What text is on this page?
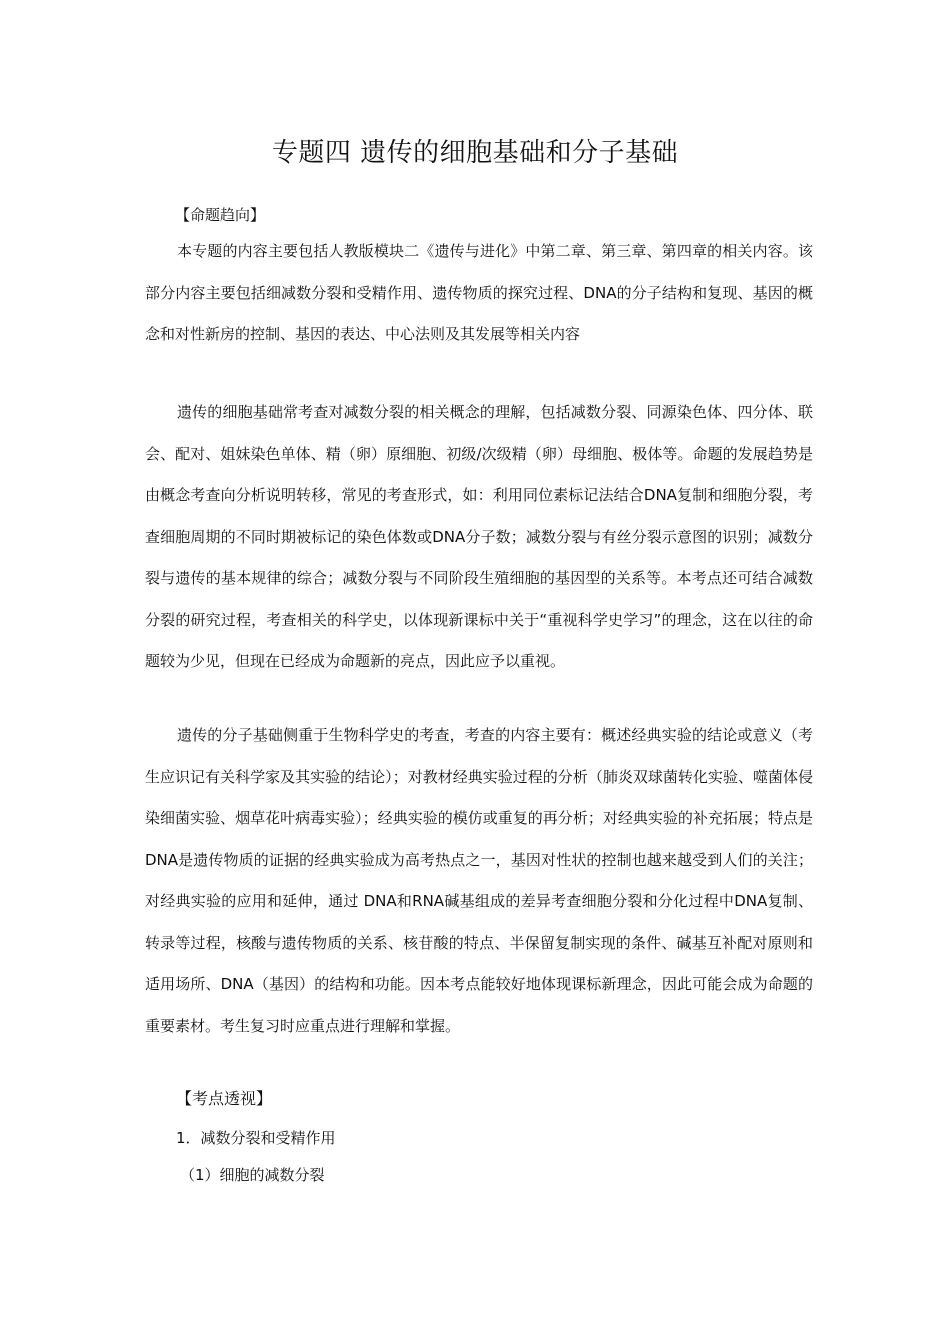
专题四 遗传的细胞基础和分子基础
【命题趋向】
本专题的内容主要包括人教版模块二《遗传与进化》中第二章、第三章、第四章的相关内容。该部分内容主要包括细减数分裂和受精作用、遗传物质的探究过程、DNA的分子结构和复现、基因的概念和对性新房的控制、基因的表达、中心法则及其发展等相关内容
遗传的细胞基础常考查对减数分裂的相关概念的理解，包括减数分裂、同源染色体、四分体、联会、配对、姐妹染色单体、精（卵）原细胞、初级/次级精（卵）母细胞、极体等。命题的发展趋势是由概念考查向分析说明转移，常见的考查形式，如：利用同位素标记法结合DNA复制和细胞分裂，考查细胞周期的不同时期被标记的染色体数或DNA分子数；减数分裂与有丝分裂示意图的识别；减数分裂与遗传的基本规律的综合；减数分裂与不同阶段生殖细胞的基因型的关系等。本考点还可结合减数分裂的研究过程，考查相关的科学史，以体现新课标中关于“重视科学史学习”的理念，这在以往的命题较为少见，但现在已经成为命题新的亮点，因此应予以重视。
遗传的分子基础侧重于生物科学史的考查，考查的内容主要有：概述经典实验的结论或意义（考生应识记有关科学家及其实验的结论）；对教材经典实验过程的分析（肺炎双球菌转化实验、噬菌体侵染细菌实验、烟草花叶病毒实验）；经典实验的模仿或重复的再分析；对经典实验的补充拓展；特点是DNA是遗传物质的证据的经典实验成为高考热点之一，基因对性状的控制也越来越受到人们的关注；对经典实验的应用和延伸，通过 DNA和RNA碱基组成的差异考查细胞分裂和分化过程中DNA复制、转录等过程，核酸与遗传物质的关系、核苷酸的特点、半保留复制实现的条件、碱基互补配对原则和适用场所、DNA（基因）的结构和功能。因本考点能较好地体现课标新理念，因此可能会成为命题的重要素材。考生复习时应重点进行理解和掌握。
【考点透视】
1．减数分裂和受精作用
（1）细胞的减数分裂
